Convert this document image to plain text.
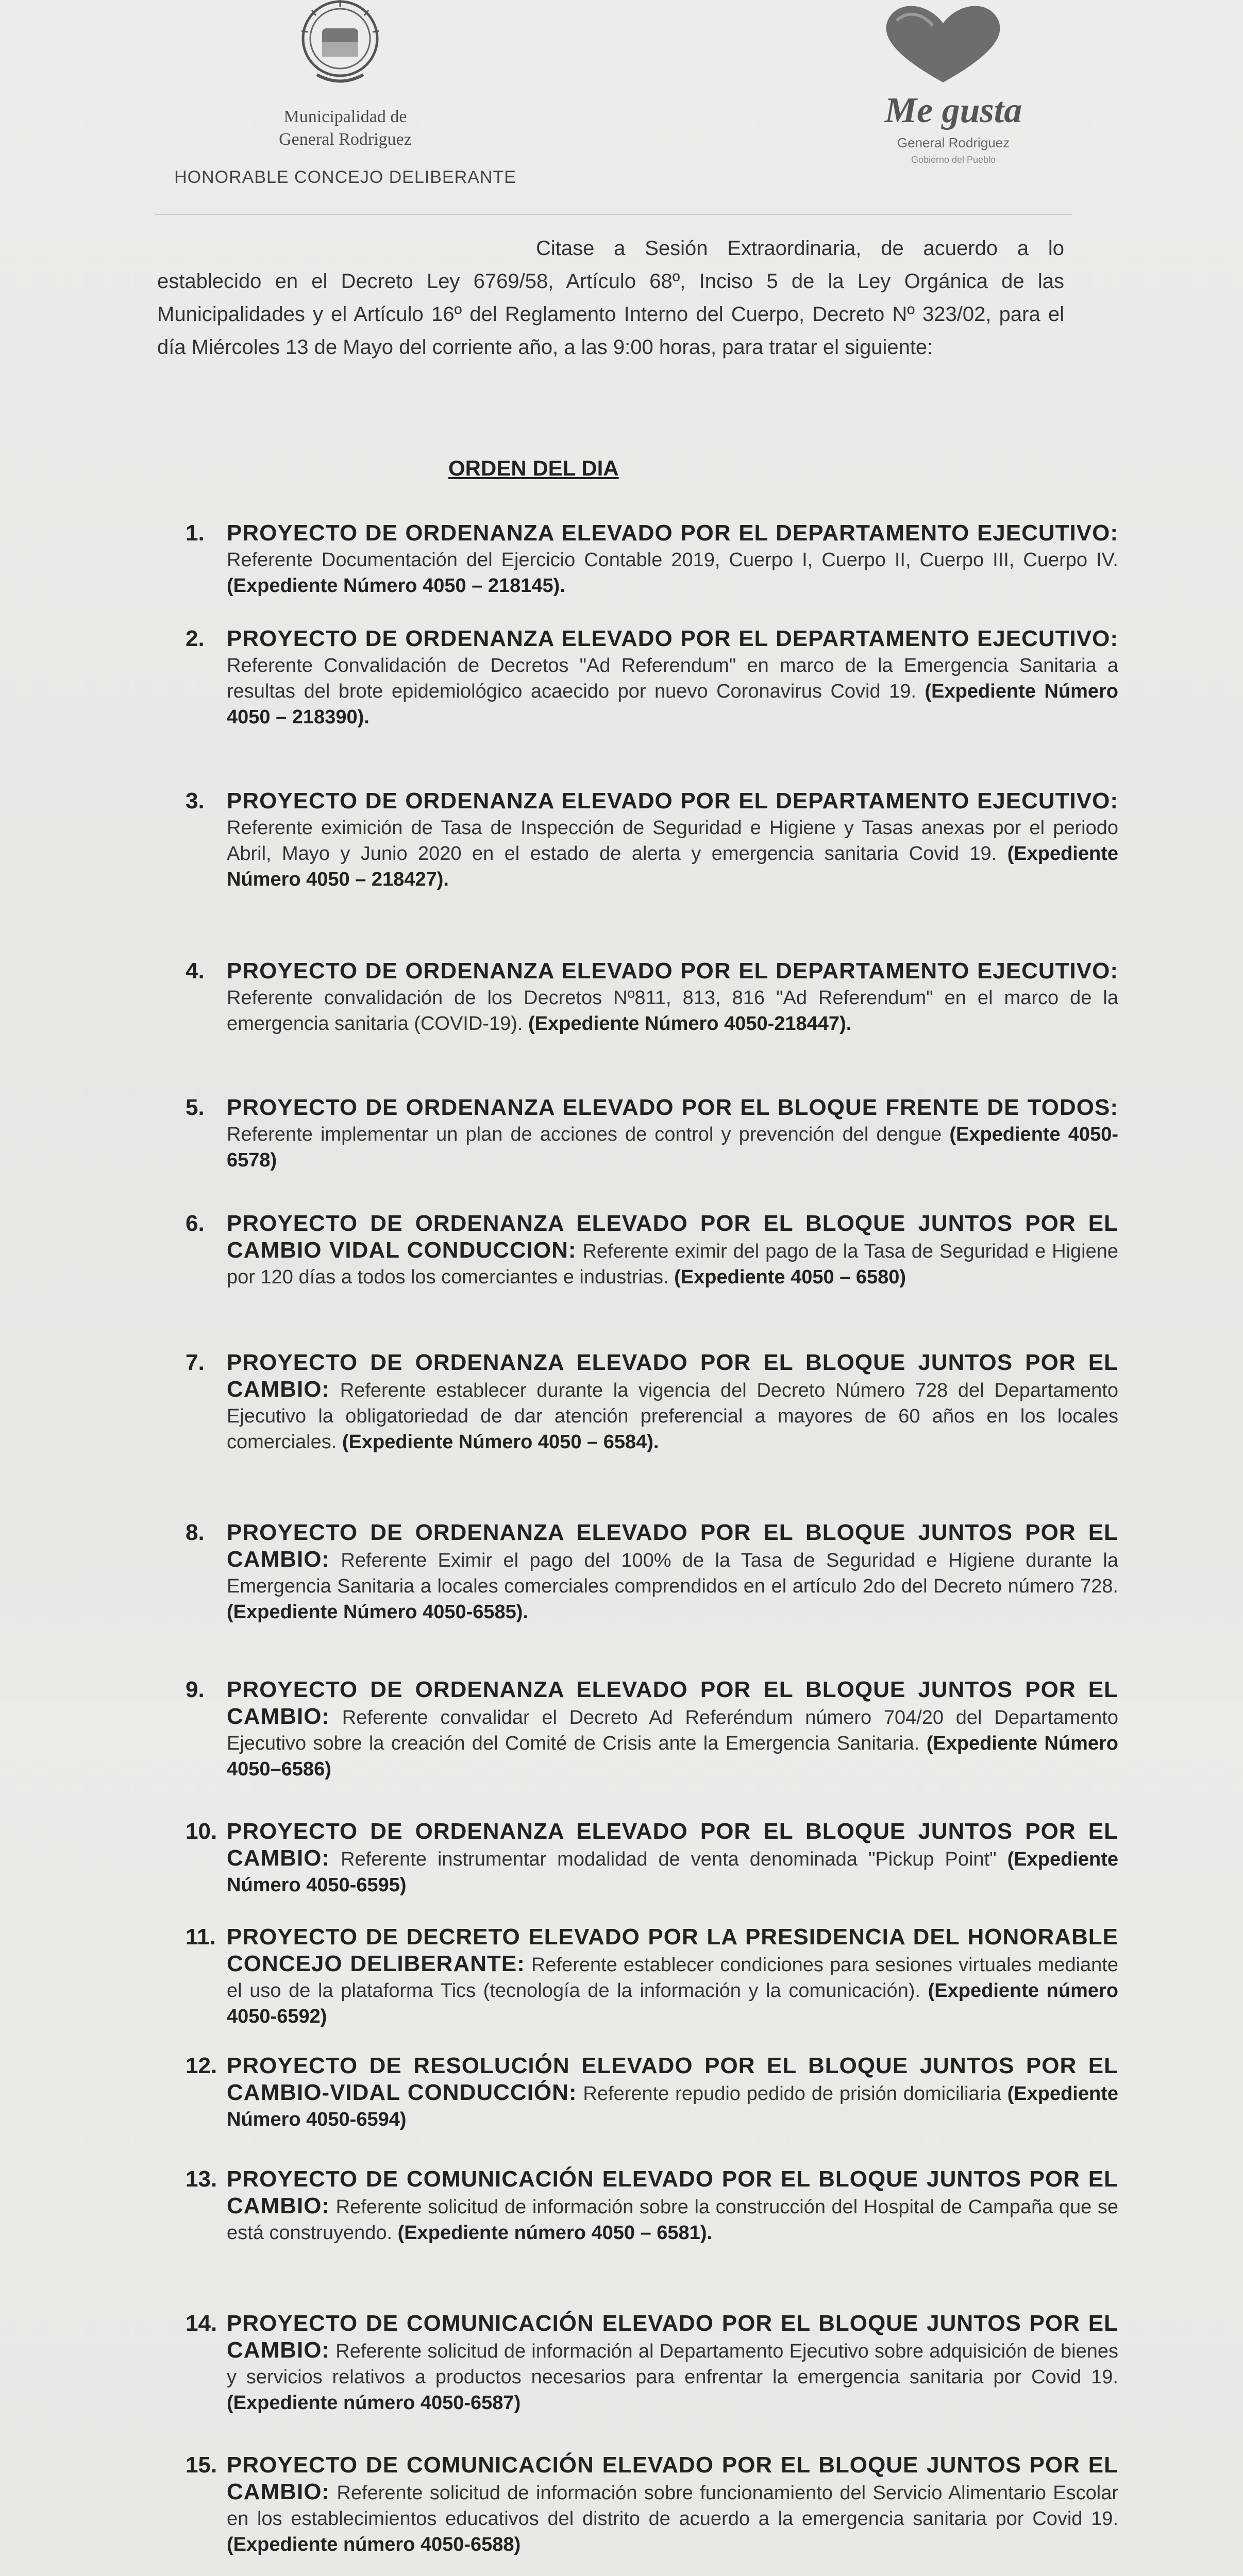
Municipalidad de
General Rodriguez
HONORABLE CONCEJO DELIBERANTE
Me gusta
General Rodriguez
Gobierno del Pueblo
Citase a Sesión Extraordinaria, de acuerdo a lo establecido en el Decreto Ley 6769/58, Artículo 68º, Inciso 5 de la Ley Orgánica de las Municipalidades y el Artículo 16º del Reglamento Interno del Cuerpo, Decreto Nº 323/02, para el día Miércoles 13 de Mayo del corriente año, a las 9:00 horas, para tratar el siguiente:
ORDEN DEL DIA
1. PROYECTO DE ORDENANZA ELEVADO POR EL DEPARTAMENTO EJECUTIVO: Referente Documentación del Ejercicio Contable 2019, Cuerpo I, Cuerpo II, Cuerpo III, Cuerpo IV. (Expediente Número 4050 – 218145).
2. PROYECTO DE ORDENANZA ELEVADO POR EL DEPARTAMENTO EJECUTIVO: Referente Convalidación de Decretos "Ad Referendum" en marco de la Emergencia Sanitaria a resultas del brote epidemiológico acaecido por nuevo Coronavirus Covid 19. (Expediente Número 4050 – 218390).
3. PROYECTO DE ORDENANZA ELEVADO POR EL DEPARTAMENTO EJECUTIVO: Referente eximición de Tasa de Inspección de Seguridad e Higiene y Tasas anexas por el periodo Abril, Mayo y Junio 2020 en el estado de alerta y emergencia sanitaria Covid 19. (Expediente Número 4050 – 218427).
4. PROYECTO DE ORDENANZA ELEVADO POR EL DEPARTAMENTO EJECUTIVO: Referente convalidación de los Decretos Nº811, 813, 816 "Ad Referendum" en el marco de la emergencia sanitaria (COVID-19). (Expediente Número 4050-218447).
5. PROYECTO DE ORDENANZA ELEVADO POR EL BLOQUE FRENTE DE TODOS: Referente implementar un plan de acciones de control y prevención del dengue (Expediente 4050-6578)
6. PROYECTO DE ORDENANZA ELEVADO POR EL BLOQUE JUNTOS POR EL CAMBIO VIDAL CONDUCCION: Referente eximir del pago de la Tasa de Seguridad e Higiene por 120 días a todos los comerciantes e industrias. (Expediente 4050 – 6580)
7. PROYECTO DE ORDENANZA ELEVADO POR EL BLOQUE JUNTOS POR EL CAMBIO: Referente establecer durante la vigencia del Decreto Número 728 del Departamento Ejecutivo la obligatoriedad de dar atención preferencial a mayores de 60 años en los locales comerciales. (Expediente Número 4050 – 6584).
8. PROYECTO DE ORDENANZA ELEVADO POR EL BLOQUE JUNTOS POR EL CAMBIO: Referente Eximir el pago del 100% de la Tasa de Seguridad e Higiene durante la Emergencia Sanitaria a locales comerciales comprendidos en el artículo 2do del Decreto número 728. (Expediente Número 4050-6585).
9. PROYECTO DE ORDENANZA ELEVADO POR EL BLOQUE JUNTOS POR EL CAMBIO: Referente convalidar el Decreto Ad Referéndum número 704/20 del Departamento Ejecutivo sobre la creación del Comité de Crisis ante la Emergencia Sanitaria. (Expediente Número 4050–6586)
10. PROYECTO DE ORDENANZA ELEVADO POR EL BLOQUE JUNTOS POR EL CAMBIO: Referente instrumentar modalidad de venta denominada "Pickup Point" (Expediente Número 4050-6595)
11. PROYECTO DE DECRETO ELEVADO POR LA PRESIDENCIA DEL HONORABLE CONCEJO DELIBERANTE: Referente establecer condiciones para sesiones virtuales mediante el uso de la plataforma Tics (tecnología de la información y la comunicación). (Expediente número 4050-6592)
12. PROYECTO DE RESOLUCIÓN ELEVADO POR EL BLOQUE JUNTOS POR EL CAMBIO-VIDAL CONDUCCIÓN: Referente repudio pedido de prisión domiciliaria (Expediente Número 4050-6594)
13. PROYECTO DE COMUNICACIÓN ELEVADO POR EL BLOQUE JUNTOS POR EL CAMBIO: Referente solicitud de información sobre la construcción del Hospital de Campaña que se está construyendo. (Expediente número 4050 – 6581).
14. PROYECTO DE COMUNICACIÓN ELEVADO POR EL BLOQUE JUNTOS POR EL CAMBIO: Referente solicitud de información al Departamento Ejecutivo sobre adquisición de bienes y servicios relativos a productos necesarios para enfrentar la emergencia sanitaria por Covid 19. (Expediente número 4050-6587)
15. PROYECTO DE COMUNICACIÓN ELEVADO POR EL BLOQUE JUNTOS POR EL CAMBIO: Referente solicitud de información sobre funcionamiento del Servicio Alimentario Escolar en los establecimientos educativos del distrito de acuerdo a la emergencia sanitaria por Covid 19. (Expediente número 4050-6588)
